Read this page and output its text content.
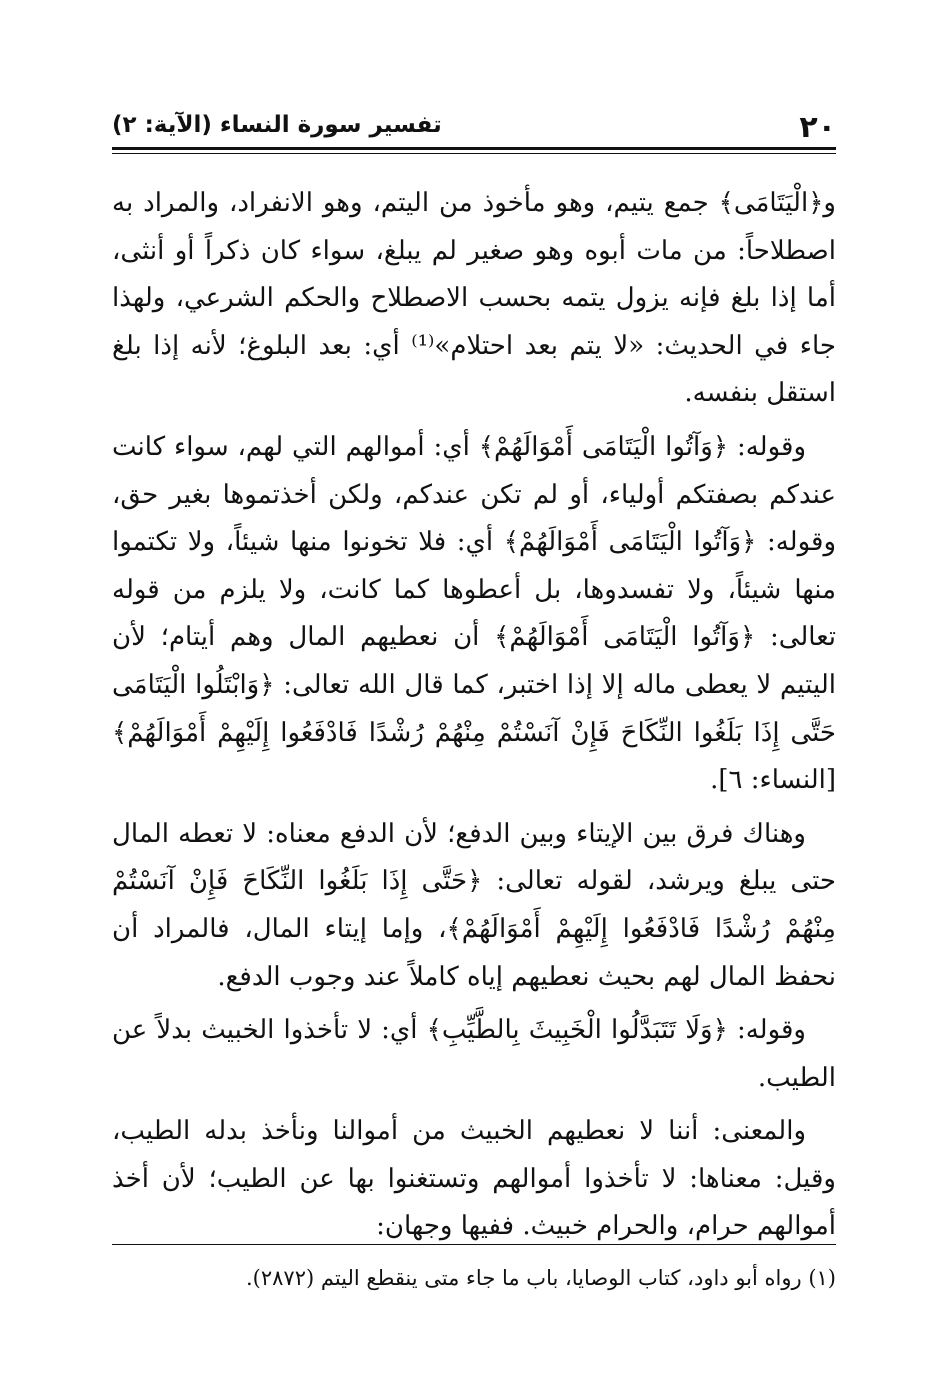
٢٠
تفسير سورة النساء (الآية: ٢)

و﴿الْيَتَامَى﴾ جمع يتيم، وهو مأخوذ من اليتم، وهو الانفراد، والمراد به اصطلاحاً: من مات أبوه وهو صغير لم يبلغ، سواء كان ذكراً أو أنثى، أما إذا بلغ فإنه يزول يتمه بحسب الاصطلاح والحكم الشرعي، ولهذا جاء في الحديث: «لا يتم بعد احتلام»⁽¹⁾ أي: بعد البلوغ؛ لأنه إذا بلغ استقل بنفسه.

وقوله: ﴿وَآتُوا الْيَتَامَى أَمْوَالَهُمْ﴾ أي: أموالهم التي لهم، سواء كانت عندكم بصفتكم أولياء، أو لم تكن عندكم، ولكن أخذتموها بغير حق، وقوله: ﴿وَآتُوا الْيَتَامَى أَمْوَالَهُمْ﴾ أي: فلا تخونوا منها شيئاً، ولا تكتموا منها شيئاً، ولا تفسدوها، بل أعطوها كما كانت، ولا يلزم من قوله تعالى: ﴿وَآتُوا الْيَتَامَى أَمْوَالَهُمْ﴾ أن نعطيهم المال وهم أيتام؛ لأن اليتيم لا يعطى ماله إلا إذا اختبر، كما قال الله تعالى: ﴿وَابْتَلُوا الْيَتَامَى حَتَّى إِذَا بَلَغُوا النِّكَاحَ فَإِنْ آنَسْتُمْ مِنْهُمْ رُشْدًا فَادْفَعُوا إِلَيْهِمْ أَمْوَالَهُمْ﴾ [النساء: ٦].

وهناك فرق بين الإيتاء وبين الدفع؛ لأن الدفع معناه: لا تعطه المال حتى يبلغ ويرشد، لقوله تعالى: ﴿حَتَّى إِذَا بَلَغُوا النِّكَاحَ فَإِنْ آنَسْتُمْ مِنْهُمْ رُشْدًا فَادْفَعُوا إِلَيْهِمْ أَمْوَالَهُمْ﴾، وإما إيتاء المال، فالمراد أن نحفظ المال لهم بحيث نعطيهم إياه كاملاً عند وجوب الدفع.

وقوله: ﴿وَلَا تَتَبَدَّلُوا الْخَبِيثَ بِالطَّيِّبِ﴾ أي: لا تأخذوا الخبيث بدلاً عن الطيب.

والمعنى: أننا لا نعطيهم الخبيث من أموالنا ونأخذ بدله الطيب، وقيل: معناها: لا تأخذوا أموالهم وتستغنوا بها عن الطيب؛ لأن أخذ أموالهم حرام، والحرام خبيث. ففيها وجهان:

(١) رواه أبو داود، كتاب الوصايا، باب ما جاء متى ينقطع اليتم (٢٨٧٢).
